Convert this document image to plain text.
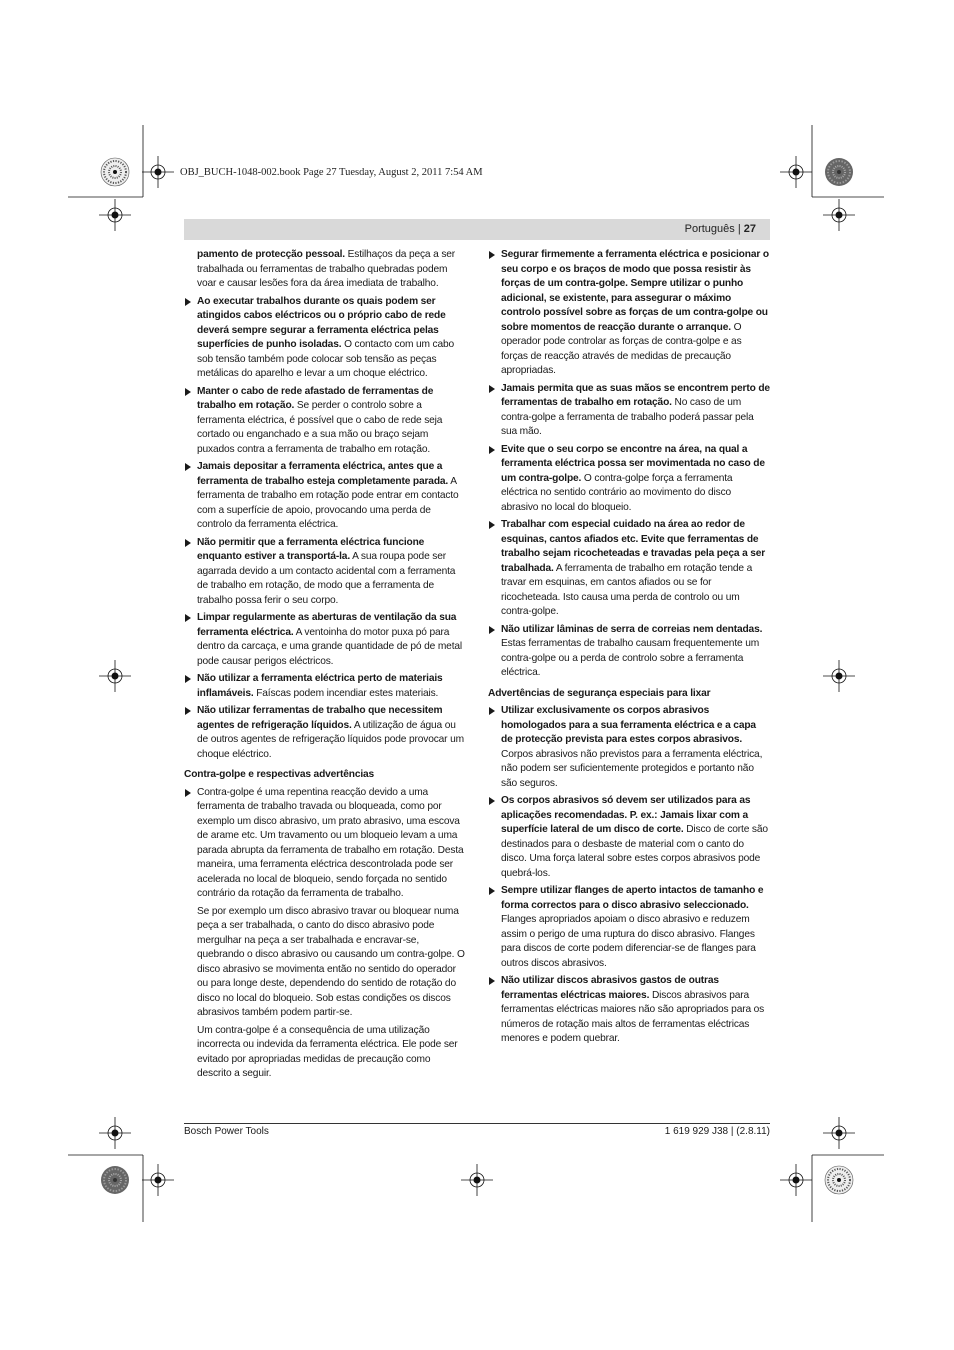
OBJ_BUCH-1048-002.book Page 27 Tuesday, August 2, 2011 7:54 AM
Português | 27
pamento de protecção pessoal. Estilhaços da peça a ser trabalhada ou ferramentas de trabalho quebradas podem voar e causar lesões fora da área imediata de trabalho.
Ao executar trabalhos durante os quais podem ser atingidos cabos eléctricos ou o próprio cabo de rede deverá sempre segurar a ferramenta eléctrica pelas superfícies de punho isoladas. O contacto com um cabo sob tensão também pode colocar sob tensão as peças metálicas do aparelho e levar a um choque eléctrico.
Manter o cabo de rede afastado de ferramentas de trabalho em rotação. Se perder o controlo sobre a ferramenta eléctrica, é possível que o cabo de rede seja cortado ou enganchado e a sua mão ou braço sejam puxados contra a ferramenta de trabalho em rotação.
Jamais depositar a ferramenta eléctrica, antes que a ferramenta de trabalho esteja completamente parada. A ferramenta de trabalho em rotação pode entrar em contacto com a superfície de apoio, provocando uma perda de controlo da ferramenta eléctrica.
Não permitir que a ferramenta eléctrica funcione enquanto estiver a transportá-la. A sua roupa pode ser agarrada devido a um contacto acidental com a ferramenta de trabalho em rotação, de modo que a ferramenta de trabalho possa ferir o seu corpo.
Limpar regularmente as aberturas de ventilação da sua ferramenta eléctrica. A ventoinha do motor puxa pó para dentro da carcaça, e uma grande quantidade de pó de metal pode causar perigos eléctricos.
Não utilizar a ferramenta eléctrica perto de materiais inflamáveis. Faíscas podem incendiar estes materiais.
Não utilizar ferramentas de trabalho que necessitem agentes de refrigeração líquidos. A utilização de água ou de outros agentes de refrigeração líquidos pode provocar um choque eléctrico.
Contra-golpe e respectivas advertências
Contra-golpe é uma repentina reacção devido a uma ferramenta de trabalho travada ou bloqueada, como por exemplo um disco abrasivo, um prato abrasivo, uma escova de arame etc. Um travamento ou um bloqueio levam a uma parada abrupta da ferramenta de trabalho em rotação. Desta maneira, uma ferramenta eléctrica descontrolada pode ser acelerada no local de bloqueio, sendo forçada no sentido contrário da rotação da ferramenta de trabalho.
Se por exemplo um disco abrasivo travar ou bloquear numa peça a ser trabalhada, o canto do disco abrasivo pode mergulhar na peça a ser trabalhada e encravar-se, quebrando o disco abrasivo ou causando um contra-golpe. O disco abrasivo se movimenta então no sentido do operador ou para longe deste, dependendo do sentido de rotação do disco no local do bloqueio. Sob estas condições os discos abrasivos também podem partir-se.
Um contra-golpe é a consequência de uma utilização incorrecta ou indevida da ferramenta eléctrica. Ele pode ser evitado por apropriadas medidas de precaução como descrito a seguir.
Segurar firmemente a ferramenta eléctrica e posicionar o seu corpo e os braços de modo que possa resistir às forças de um contra-golpe. Sempre utilizar o punho adicional, se existente, para assegurar o máximo controlo possível sobre as forças de um contra-golpe ou sobre momentos de reacção durante o arranque. O operador pode controlar as forças de contra-golpe e as forças de reacção através de medidas de precaução apropriadas.
Jamais permita que as suas mãos se encontrem perto de ferramentas de trabalho em rotação. No caso de um contra-golpe a ferramenta de trabalho poderá passar pela sua mão.
Evite que o seu corpo se encontre na área, na qual a ferramenta eléctrica possa ser movimentada no caso de um contra-golpe. O contra-golpe força a ferramenta eléctrica no sentido contrário ao movimento do disco abrasivo no local do bloqueio.
Trabalhar com especial cuidado na área ao redor de esquinas, cantos afiados etc. Evite que ferramentas de trabalho sejam ricocheteadas e travadas pela peça a ser trabalhada. A ferramenta de trabalho em rotação tende a travar em esquinas, em cantos afiados ou se for ricocheteada. Isto causa uma perda de controlo ou um contra-golpe.
Não utilizar lâminas de serra de correias nem dentadas. Estas ferramentas de trabalho causam frequentemente um contra-golpe ou a perda de controlo sobre a ferramenta eléctrica.
Advertências de segurança especiais para lixar
Utilizar exclusivamente os corpos abrasivos homologados para a sua ferramenta eléctrica e a capa de protecção prevista para estes corpos abrasivos. Corpos abrasivos não previstos para a ferramenta eléctrica, não podem ser suficientemente protegidos e portanto não são seguros.
Os corpos abrasivos só devem ser utilizados para as aplicações recomendadas. P. ex.: Jamais lixar com a superfície lateral de um disco de corte. Disco de corte são destinados para o desbaste de material com o canto do disco. Uma força lateral sobre estes corpos abrasivos pode quebrá-los.
Sempre utilizar flanges de aperto intactos de tamanho e forma correctos para o disco abrasivo seleccionado. Flanges apropriados apoiam o disco abrasivo e reduzem assim o perigo de uma ruptura do disco abrasivo. Flanges para discos de corte podem diferenciar-se de flanges para outros discos abrasivos.
Não utilizar discos abrasivos gastos de outras ferramentas eléctricas maiores. Discos abrasivos para ferramentas eléctricas maiores não são apropriados para os números de rotação mais altos de ferramentas eléctricas menores e podem quebrar.
Bosch Power Tools	1 619 929 J38 | (2.8.11)
